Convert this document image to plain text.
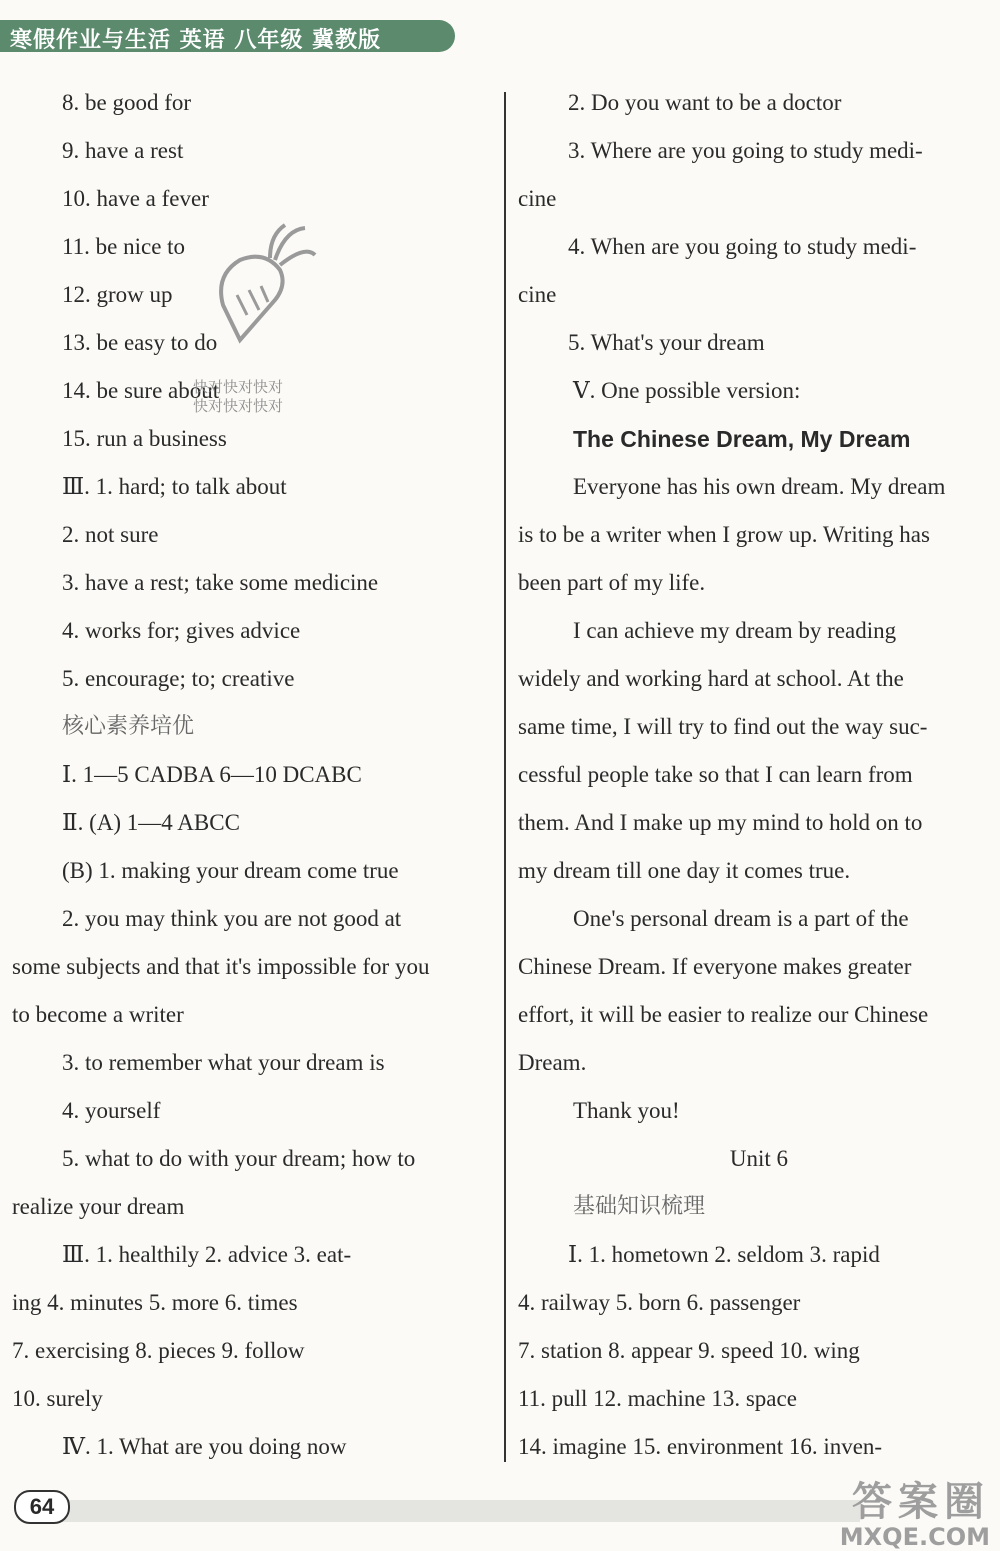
寒假作业与生活 英语 八年级 冀教版
8. be good for
9. have a rest
10. have a fever
11. be nice to
12. grow up
13. be easy to do
14. be sure about
15. run a business
Ⅲ. 1. hard; to talk about
2. not sure
3. have a rest; take some medicine
4. works for; gives advice
5. encourage; to; creative
核心素养培优
Ⅰ. 1—5 CADBA 6—10 DCABC
Ⅱ. (A) 1—4 ABCC
(B) 1. making your dream come true
2. you may think you are not good at
some subjects and that it's impossible for you
to become a writer
3. to remember what your dream is
4. yourself
5. what to do with your dream; how to
realize your dream
Ⅲ. 1. healthily 2. advice 3. eat-
ing 4. minutes 5. more 6. times
7. exercising 8. pieces 9. follow
10. surely
Ⅳ. 1. What are you doing now
2. Do you want to be a doctor
3. Where are you going to study medi-
cine
4. When are you going to study medi-
cine
5. What's your dream
Ⅴ. One possible version:
The Chinese Dream, My Dream
Everyone has his own dream. My dream
is to be a writer when I grow up. Writing has
been part of my life.
I can achieve my dream by reading
widely and working hard at school. At the
same time, I will try to find out the way suc-
cessful people take so that I can learn from
them. And I make up my mind to hold on to
my dream till one day it comes true.
One's personal dream is a part of the
Chinese Dream. If everyone makes greater
effort, it will be easier to realize our Chinese
Dream.
Thank you!
Unit 6
基础知识梳理
Ⅰ. 1. hometown 2. seldom 3. rapid
4. railway 5. born 6. passenger
7. station 8. appear 9. speed 10. wing
11. pull 12. machine 13. space
14. imagine 15. environment 16. inven-
快对快对快对
快对快对快对
64	答案圈
MXQE.COM
